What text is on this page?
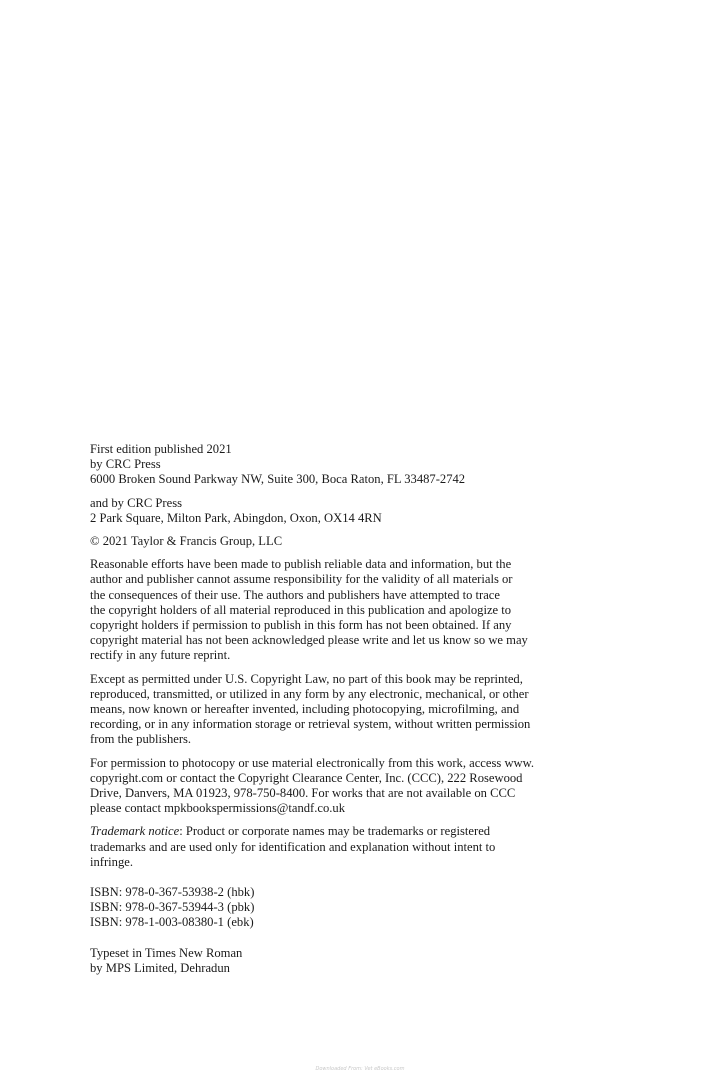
First edition published 2021
by CRC Press
6000 Broken Sound Parkway NW, Suite 300, Boca Raton, FL 33487-2742
and by CRC Press
2 Park Square, Milton Park, Abingdon, Oxon, OX14 4RN
© 2021 Taylor & Francis Group, LLC
Reasonable efforts have been made to publish reliable data and information, but the
author and publisher cannot assume responsibility for the validity of all materials or
the consequences of their use. The authors and publishers have attempted to trace
the copyright holders of all material reproduced in this publication and apologize to
copyright holders if permission to publish in this form has not been obtained. If any
copyright material has not been acknowledged please write and let us know so we may
rectify in any future reprint.
Except as permitted under U.S. Copyright Law, no part of this book may be reprinted,
reproduced, transmitted, or utilized in any form by any electronic, mechanical, or other
means, now known or hereafter invented, including photocopying, microfilming, and
recording, or in any information storage or retrieval system, without written permission
from the publishers.
For permission to photocopy or use material electronically from this work, access www.
copyright.com or contact the Copyright Clearance Center, Inc. (CCC), 222 Rosewood
Drive, Danvers, MA 01923, 978-750-8400. For works that are not available on CCC
please contact mpkbookspermissions@tandf.co.uk
Trademark notice: Product or corporate names may be trademarks or registered
trademarks and are used only for identification and explanation without intent to
infringe.
ISBN: 978-0-367-53938-2 (hbk)
ISBN: 978-0-367-53944-3 (pbk)
ISBN: 978-1-003-08380-1 (ebk)
Typeset in Times New Roman
by MPS Limited, Dehradun
Downloaded From: Vet eBooks.com
